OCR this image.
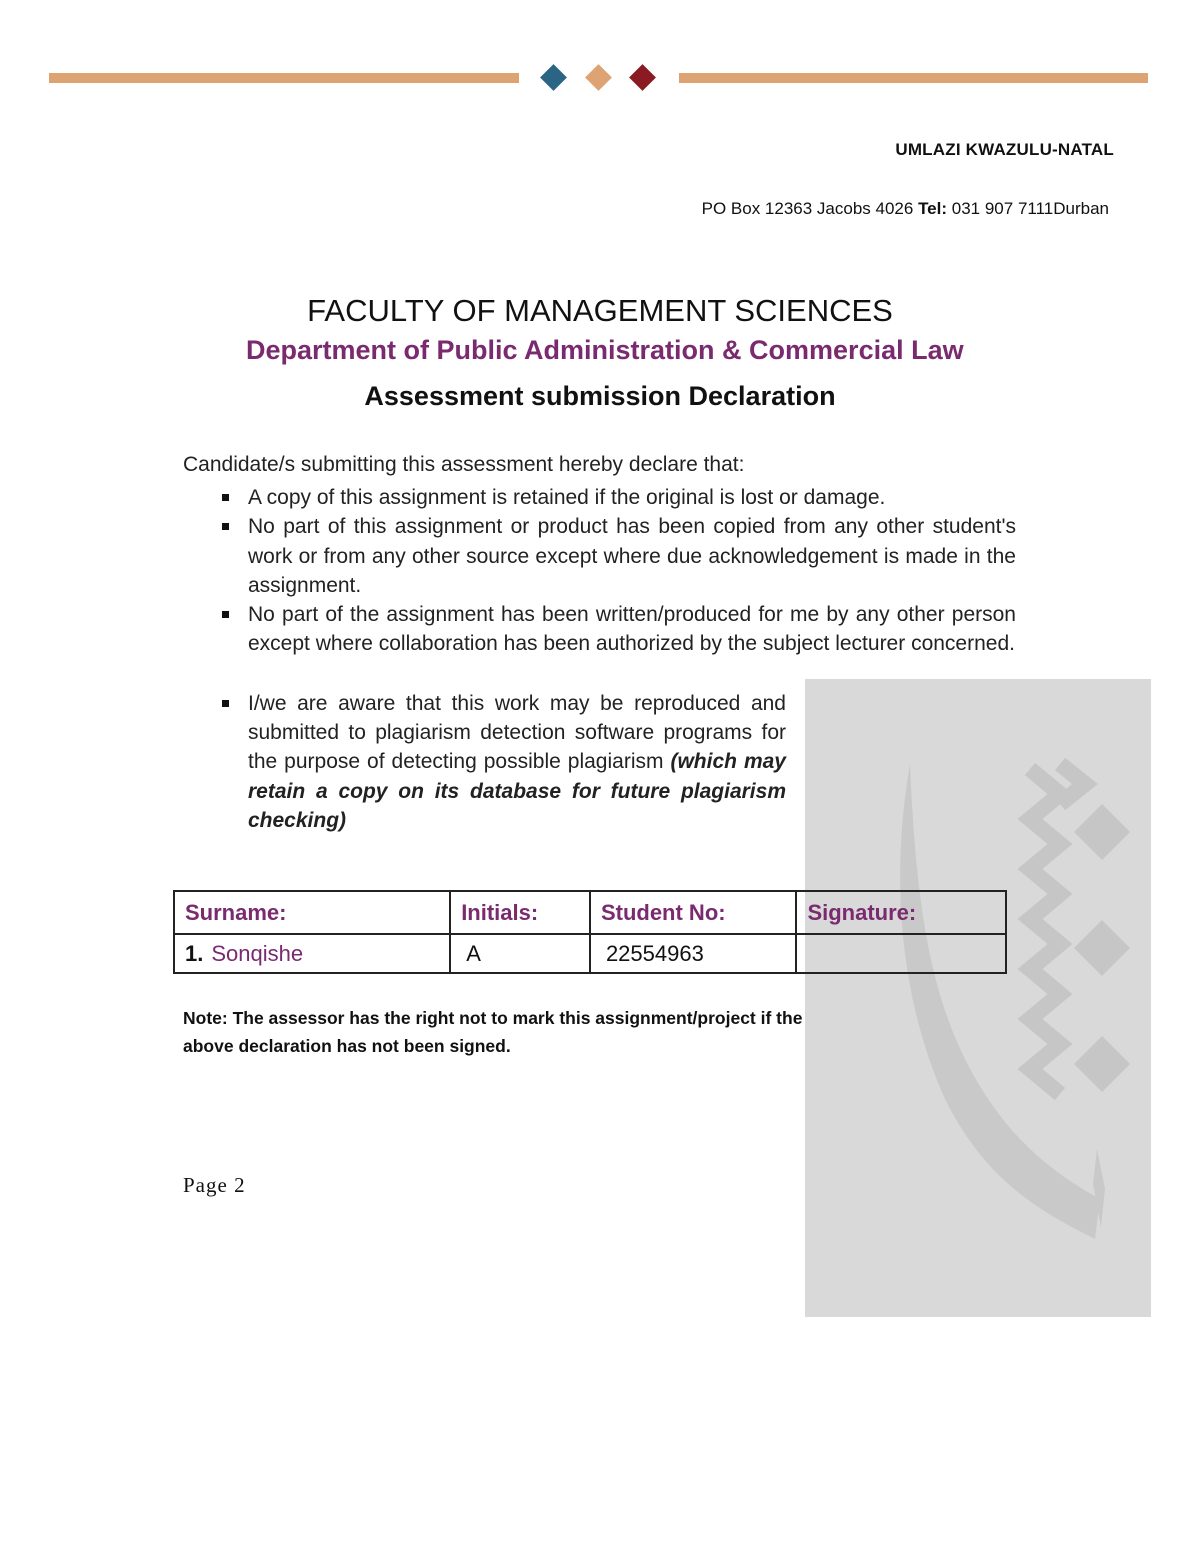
UMLAZI KWAZULU-NATAL
PO Box 12363 Jacobs 4026 Tel: 031 907 7111Durban
FACULTY OF MANAGEMENT SCIENCES
Department of Public Administration & Commercial Law
Assessment submission Declaration
Candidate/s submitting this assessment hereby declare that:
A copy of this assignment is retained if the original is lost or damage.
No part of this assignment or product has been copied from any other student's work or from any other source except where due acknowledgement is made in the assignment.
No part of the assignment has been written/produced for me by any other person except where collaboration has been authorized by the subject lecturer concerned.
I/we are aware that this work may be reproduced and submitted to plagiarism detection software programs for the purpose of detecting possible plagiarism (which may retain a copy on its database for future plagiarism checking)
Surname:	Initials:	Student No:	Signature:
1. Sonqishe	A	22554963	
Note: The assessor has the right not to mark this assignment/project if the above declaration has not been signed.
Page 2
